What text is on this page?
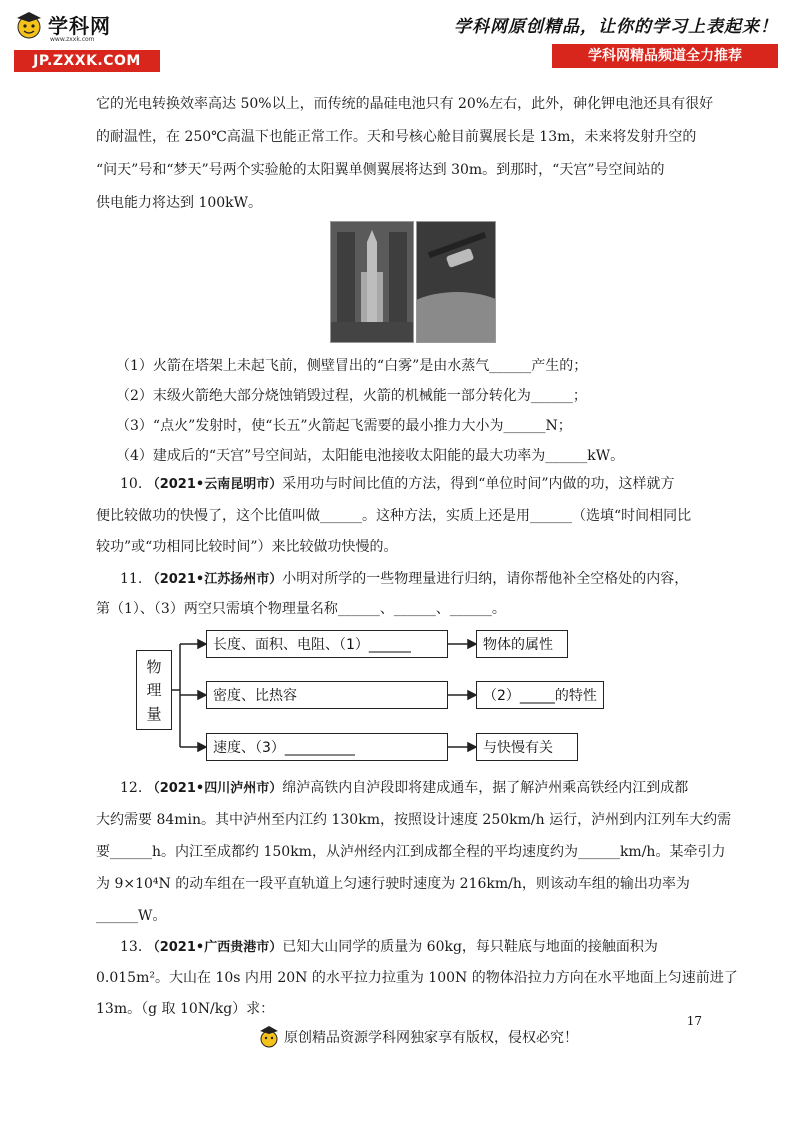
学科网
www.zxxk.com
JP.ZXXK.COM
学科网原创精品，让你的学习上表起来！
学科网精品频道全力推荐
它的光电转换效率高达 50%以上，而传统的晶硅电池只有 20%左右，此外，砷化钾电池还具有很好
的耐温性，在 250℃高温下也能正常工作。天和号核心舱目前翼展长是 13m，未来将发射升空的
“问天”号和“梦天”号两个实验舱的太阳翼单侧翼展将达到 30m。到那时，“天宫”号空间站的
供电能力将达到 100kW。
（1）火箭在塔架上未起飞前，侧壁冒出的“白雾”是由水蒸气______产生的；
（2）末级火箭绝大部分烧蚀销毁过程，火箭的机械能一部分转化为______；
（3）“点火”发射时，使“长五”火箭起飞需要的最小推力大小为______N；
（4）建成后的“天宫”号空间站，太阳能电池接收太阳能的最大功率为______kW。
10. （2021•云南昆明市）采用功与时间比值的方法，得到“单位时间”内做的功，这样就方
便比较做功的快慢了，这个比值叫做______。这种方法，实质上还是用______（选填“时间相同比
较功”或“功相同比较时间”）来比较做功快慢的。
11. （2021•江苏扬州市）小明对所学的一些物理量进行归纳，请你帮他补全空格处的内容，
第（1）、（3）两空只需填个物理量名称______、______、______。
物
理
量
长度、面积、电阻、（1）______	物体的属性
密度、比热容	（2）_____的特性
速度、（3）__________	与快慢有关
12. （2021•四川泸州市）绵泸高铁内自泸段即将建成通车，据了解泸州乘高铁经内江到成都
大约需要 84min。其中泸州至内江约 130km，按照设计速度 250km/h 运行，泸州到内江列车大约需
要______h。内江至成都约 150km，从泸州经内江到成都全程的平均速度约为______km/h。某牵引力
为 9×10⁴N 的动车组在一段平直轨道上匀速行驶时速度为 216km/h，则该动车组的输出功率为
______W。
13. （2021•广西贵港市）已知大山同学的质量为 60kg，每只鞋底与地面的接触面积为
0.015m²。大山在 10s 内用 20N 的水平拉力拉重为 100N 的物体沿拉力方向在水平地面上匀速前进了
13m。（g 取 10N/kg）求：
17
原创精品资源学科网独家享有版权，侵权必究！
